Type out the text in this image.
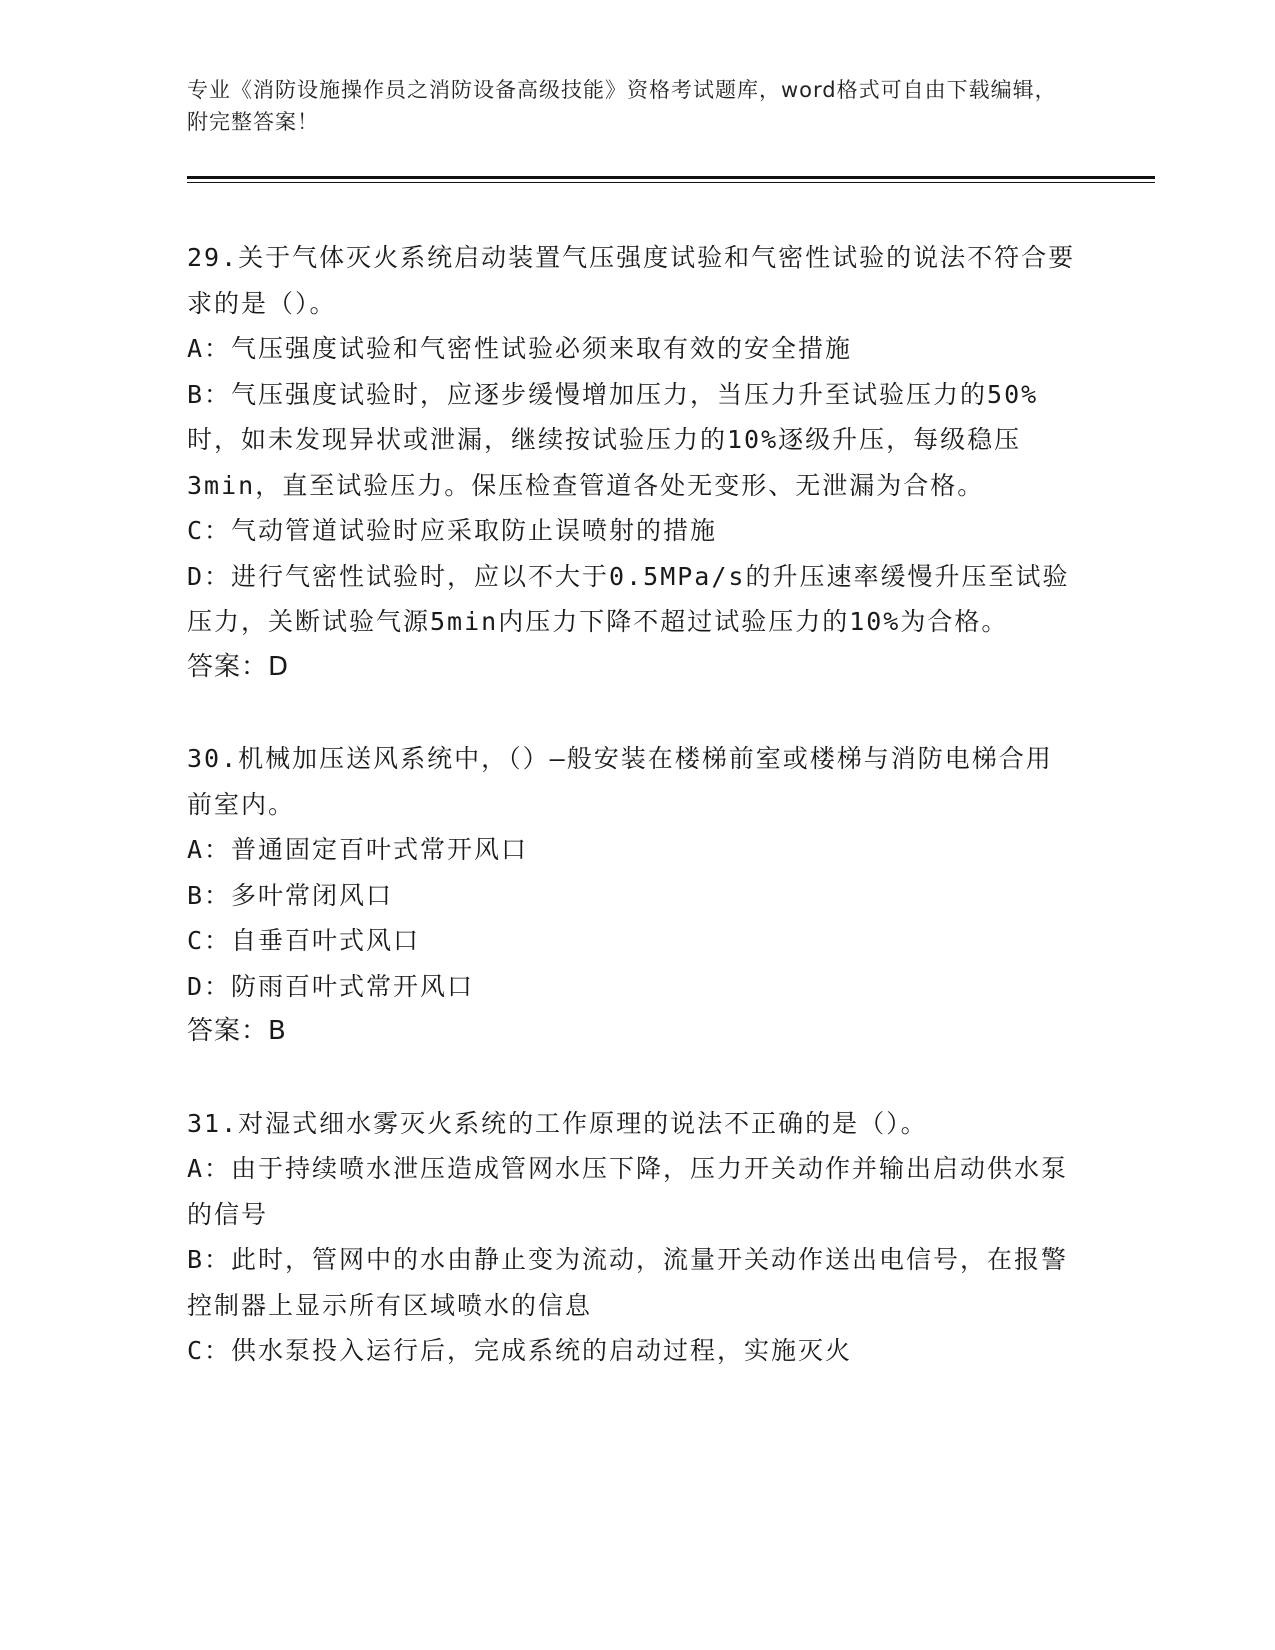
专业《消防设施操作员之消防设备高级技能》资格考试题库，word格式可自由下载编辑，附完整答案！

29.关于气体灭火系统启动装置气压强度试验和气密性试验的说法不符合要求的是（）。

A：气压强度试验和气密性试验必须来取有效的安全措施

B：气压强度试验时，应逐步缓慢增加压力，当压力升至试验压力的50%时，如未发现异状或泄漏，继续按试验压力的10%逐级升压，每级稳压3min，直至试验压力。保压检查管道各处无变形、无泄漏为合格。

C：气动管道试验时应采取防止误喷射的措施

D：进行气密性试验时，应以不大于0.5MPa/s的升压速率缓慢升压至试验压力，关断试验气源5min内压力下降不超过试验压力的10%为合格。

答案：D

30.机械加压送风系统中，（）—般安装在楼梯前室或楼梯与消防电梯合用前室内。

A：普通固定百叶式常开风口

B：多叶常闭风口

C：自垂百叶式风口

D：防雨百叶式常开风口

答案：B

31.对湿式细水雾灭火系统的工作原理的说法不正确的是（）。

A：由于持续喷水泄压造成管网水压下降，压力开关动作并输出启动供水泵的信号

B：此时，管网中的水由静止变为流动，流量开关动作送出电信号，在报警控制器上显示所有区域喷水的信息

C：供水泵投入运行后，完成系统的启动过程，实施灭火
